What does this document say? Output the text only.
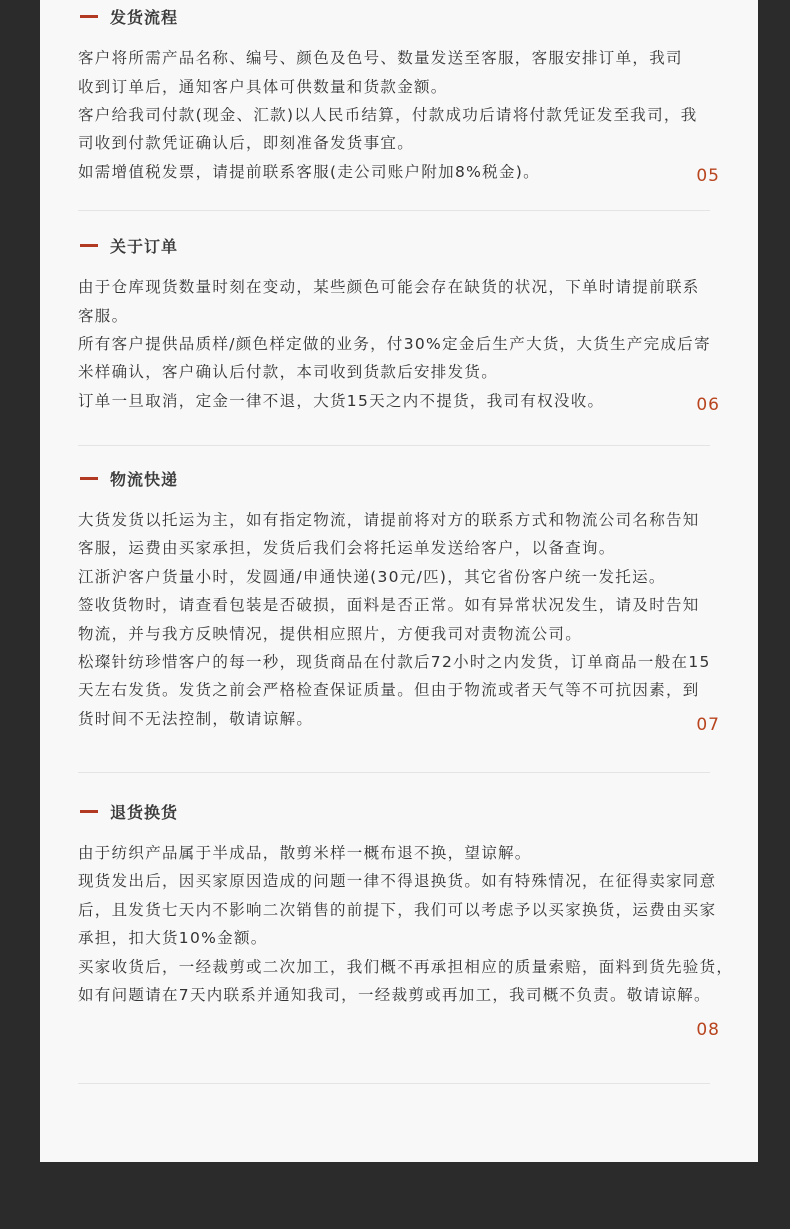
发货流程
客户将所需产品名称、编号、颜色及色号、数量发送至客服，客服安排订单，我司
收到订单后，通知客户具体可供数量和货款金额。
客户给我司付款(现金、汇款)以人民币结算，付款成功后请将付款凭证发至我司，我
司收到付款凭证确认后，即刻准备发货事宜。
如需增值税发票，请提前联系客服(走公司账户附加8%税金)。	05
关于订单
由于仓库现货数量时刻在变动，某些颜色可能会存在缺货的状况，下单时请提前联系
客服。
所有客户提供品质样/颜色样定做的业务，付30%定金后生产大货，大货生产完成后寄
米样确认，客户确认后付款，本司收到货款后安排发货。
订单一旦取消，定金一律不退，大货15天之内不提货，我司有权没收。	06
物流快递
大货发货以托运为主，如有指定物流，请提前将对方的联系方式和物流公司名称告知
客服，运费由买家承担，发货后我们会将托运单发送给客户，以备查询。
江浙沪客户货量小时，发圆通/申通快递(30元/匹)，其它省份客户统一发托运。
签收货物时，请查看包装是否破损，面料是否正常。如有异常状况发生，请及时告知
物流，并与我方反映情况，提供相应照片，方便我司对责物流公司。
松璨针纺珍惜客户的每一秒，现货商品在付款后72小时之内发货，订单商品一般在15
天左右发货。发货之前会严格检查保证质量。但由于物流或者天气等不可抗因素，到
货时间不无法控制，敬请谅解。	07
退货换货
由于纺织产品属于半成品，散剪米样一概布退不换，望谅解。
现货发出后，因买家原因造成的问题一律不得退换货。如有特殊情况，在征得卖家同意
后，且发货七天内不影响二次销售的前提下，我们可以考虑予以买家换货，运费由买家
承担，扣大货10%金额。
买家收货后，一经裁剪或二次加工，我们概不再承担相应的质量索赔，面料到货先验货，
如有问题请在7天内联系并通知我司，一经裁剪或再加工，我司概不负责。敬请谅解。
08
